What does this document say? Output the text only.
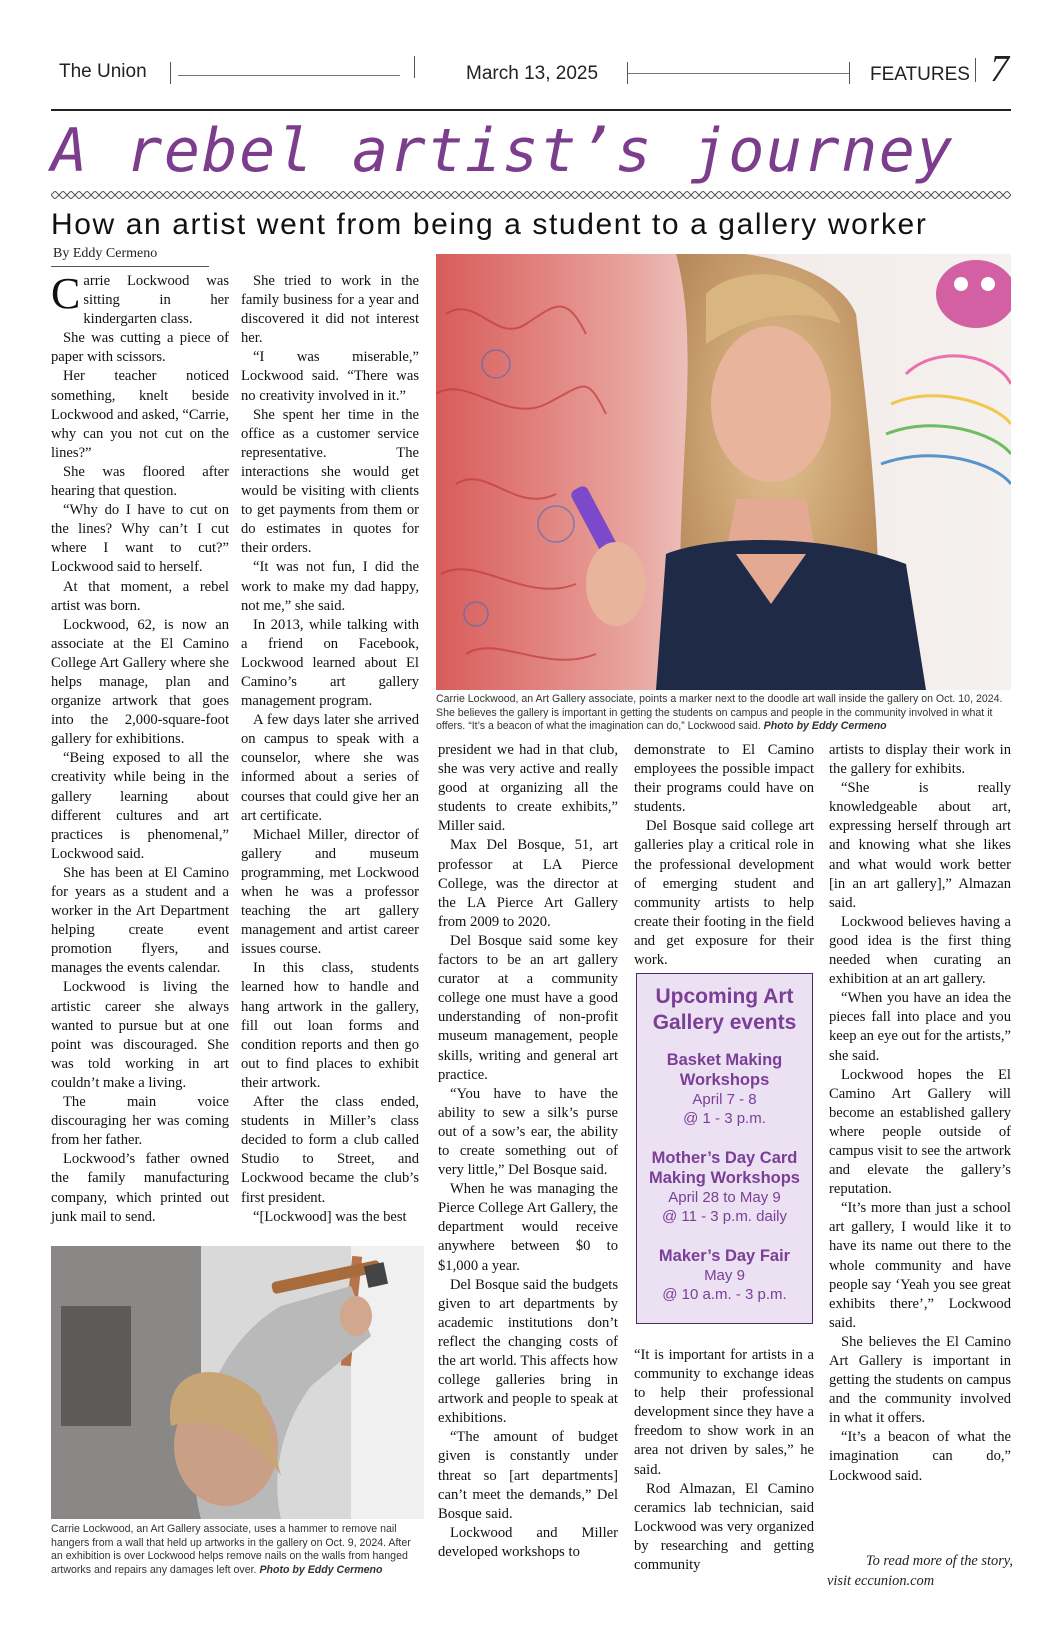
The Union	March 13, 2025	FEATURES 7
A rebel artist’s journey
How an artist went from being a student to a gallery worker
By Eddy Cermeno

Carrie Lockwood was sitting in her kindergarten class.

She was cutting a piece of paper with scissors.

Her teacher noticed something, knelt beside Lockwood and asked, “Carrie, why can you not cut on the lines?”

She was floored after hearing that question.

“Why do I have to cut on the lines? Why can’t I cut where I want to cut?” Lockwood said to herself.

At that moment, a rebel artist was born.

Lockwood, 62, is now an associate at the El Camino College Art Gallery where she helps manage, plan and organize artwork that goes into the 2,000-square-foot gallery for exhibitions.

“Being exposed to all the creativity while being in the gallery learning about different cultures and art practices is phenomenal,” Lockwood said.

She has been at El Camino for years as a student and a worker in the Art Department helping create event promotion flyers, and manages the events calendar.

Lockwood is living the artistic career she always wanted to pursue but at one point was discouraged. She was told working in art couldn’t make a living.

The main voice discouraging her was coming from her father.

Lockwood’s father owned the family manufacturing company, which printed out junk mail to send.

She tried to work in the family business for a year and discovered it did not interest her.

“I was miserable,” Lockwood said. “There was no creativity involved in it.”

She spent her time in the office as a customer service representative. The interactions she would get would be visiting with clients to get payments from them or do estimates in quotes for their orders.

“It was not fun, I did the work to make my dad happy, not me,” she said.

In 2013, while talking with a friend on Facebook, Lockwood learned about El Camino’s art gallery management program.

A few days later she arrived on campus to speak with a counselor, where she was informed about a series of courses that could give her an art certificate.

Michael Miller, director of gallery and museum programming, met Lockwood when he was a professor teaching the art gallery management and artist career issues course.

In this class, students learned how to handle and hang artwork in the gallery, fill out loan forms and condition reports and then go out to find places to exhibit their artwork.

After the class ended, students in Miller’s class decided to form a club called Studio to Street, and Lockwood became the club’s first president.

“[Lockwood] was the best

Carrie Lockwood, an Art Gallery associate, points a marker next to the doodle art wall inside the gallery on Oct. 10, 2024. She believes the gallery is important in getting the students on campus and people in the community involved in what it offers. “It’s a beacon of what the imagination can do,” Lockwood said. Photo by Eddy Cermeno

president we had in that club, she was very active and really good at organizing all the students to create exhibits,” Miller said.

Max Del Bosque, 51, art professor at LA Pierce College, was the director at the LA Pierce Art Gallery from 2009 to 2020.

Del Bosque said some key factors to be an art gallery curator at a community college one must have a good understanding of non-profit museum management, people skills, writing and general art practice.

“You have to have the ability to sew a silk’s purse out of a sow’s ear, the ability to create something out of very little,” Del Bosque said.

When he was managing the Pierce College Art Gallery, the department would receive anywhere between $0 to $1,000 a year.

Del Bosque said the budgets given to art departments by academic institutions don’t reflect the changing costs of the art world. This affects how college galleries bring in artwork and people to speak at exhibitions.

“The amount of budget given is constantly under threat so [art departments] can’t meet the demands,” Del Bosque said.

Lockwood and Miller developed workshops to

demonstrate to El Camino employees the possible impact their programs could have on students.

Del Bosque said college art galleries play a critical role in the professional development of emerging student and community artists to help create their footing in the field and get exposure for their work.

Upcoming Art Gallery events
Basket Making Workshops
April 7 - 8
@ 1 - 3 p.m.
Mother’s Day Card Making Workshops
April 28 to May 9
@ 11 - 3 p.m. daily
Maker’s Day Fair
May 9
@ 10 a.m. - 3 p.m.

“It is important for artists in a community to exchange ideas to help their professional development since they have a freedom to show work in an area not driven by sales,” he said.

Rod Almazan, El Camino ceramics lab technician, said Lockwood was very organized by researching and getting community

artists to display their work in the gallery for exhibits.

“She is really knowledgeable about art, expressing herself through art and knowing what she likes and what would work better [in an art gallery],” Almazan said.

Lockwood believes having a good idea is the first thing needed when curating an exhibition at an art gallery.

“When you have an idea the pieces fall into place and you keep an eye out for the artists,” she said.

Lockwood hopes the El Camino Art Gallery will become an established gallery where people outside of campus visit to see the artwork and elevate the gallery’s reputation.

“It’s more than just a school art gallery, I would like it to have its name out there to the whole community and have people say ‘Yeah you see great exhibits there’,” Lockwood said.

She believes the El Camino Art Gallery is important in getting the students on campus and the community involved in what it offers.

“It’s a beacon of what the imagination can do,” Lockwood said.

Carrie Lockwood, an Art Gallery associate, uses a hammer to remove nail hangers from a wall that held up artworks in the gallery on Oct. 9, 2024. After an exhibition is over Lockwood helps remove nails on the walls from hanged artworks and repairs any damages left over. Photo by Eddy Cermeno
To read more of the story,
visit eccunion.com
